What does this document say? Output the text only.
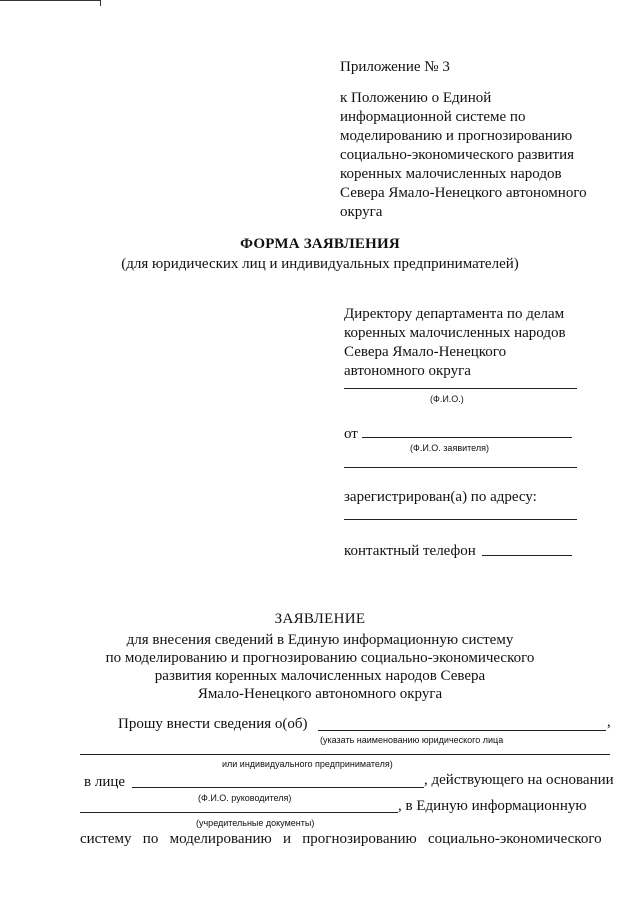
Приложение № 3
к Положению о Единой
информационной системе по
моделированию и прогнозированию
социально-экономического развития
коренных малочисленных народов
Севера Ямало-Ненецкого автономного
округа
ФОРМА ЗАЯВЛЕНИЯ
(для юридических лиц и индивидуальных предпринимателей)
Директору департамента по делам
коренных малочисленных народов
Севера Ямало-Ненецкого
автономного округа
(Ф.И.О.)
от
(Ф.И.О. заявителя)
зарегистрирован(а) по адресу:
контактный телефон
ЗАЯВЛЕНИЕ
для внесения сведений в Единую информационную систему
по моделированию и прогнозированию социально-экономического
развития коренных малочисленных народов Севера
Ямало-Ненецкого автономного округа
Прошу внести сведения о(об)	,
(указать наименованию юридического лица
или индивидуального предпринимателя)
в лице	, действующего на основании
(Ф.И.О. руководителя)	, в Единую информационную
(учредительные документы)
систему   по   моделированию   и   прогнозированию   социально-экономического
